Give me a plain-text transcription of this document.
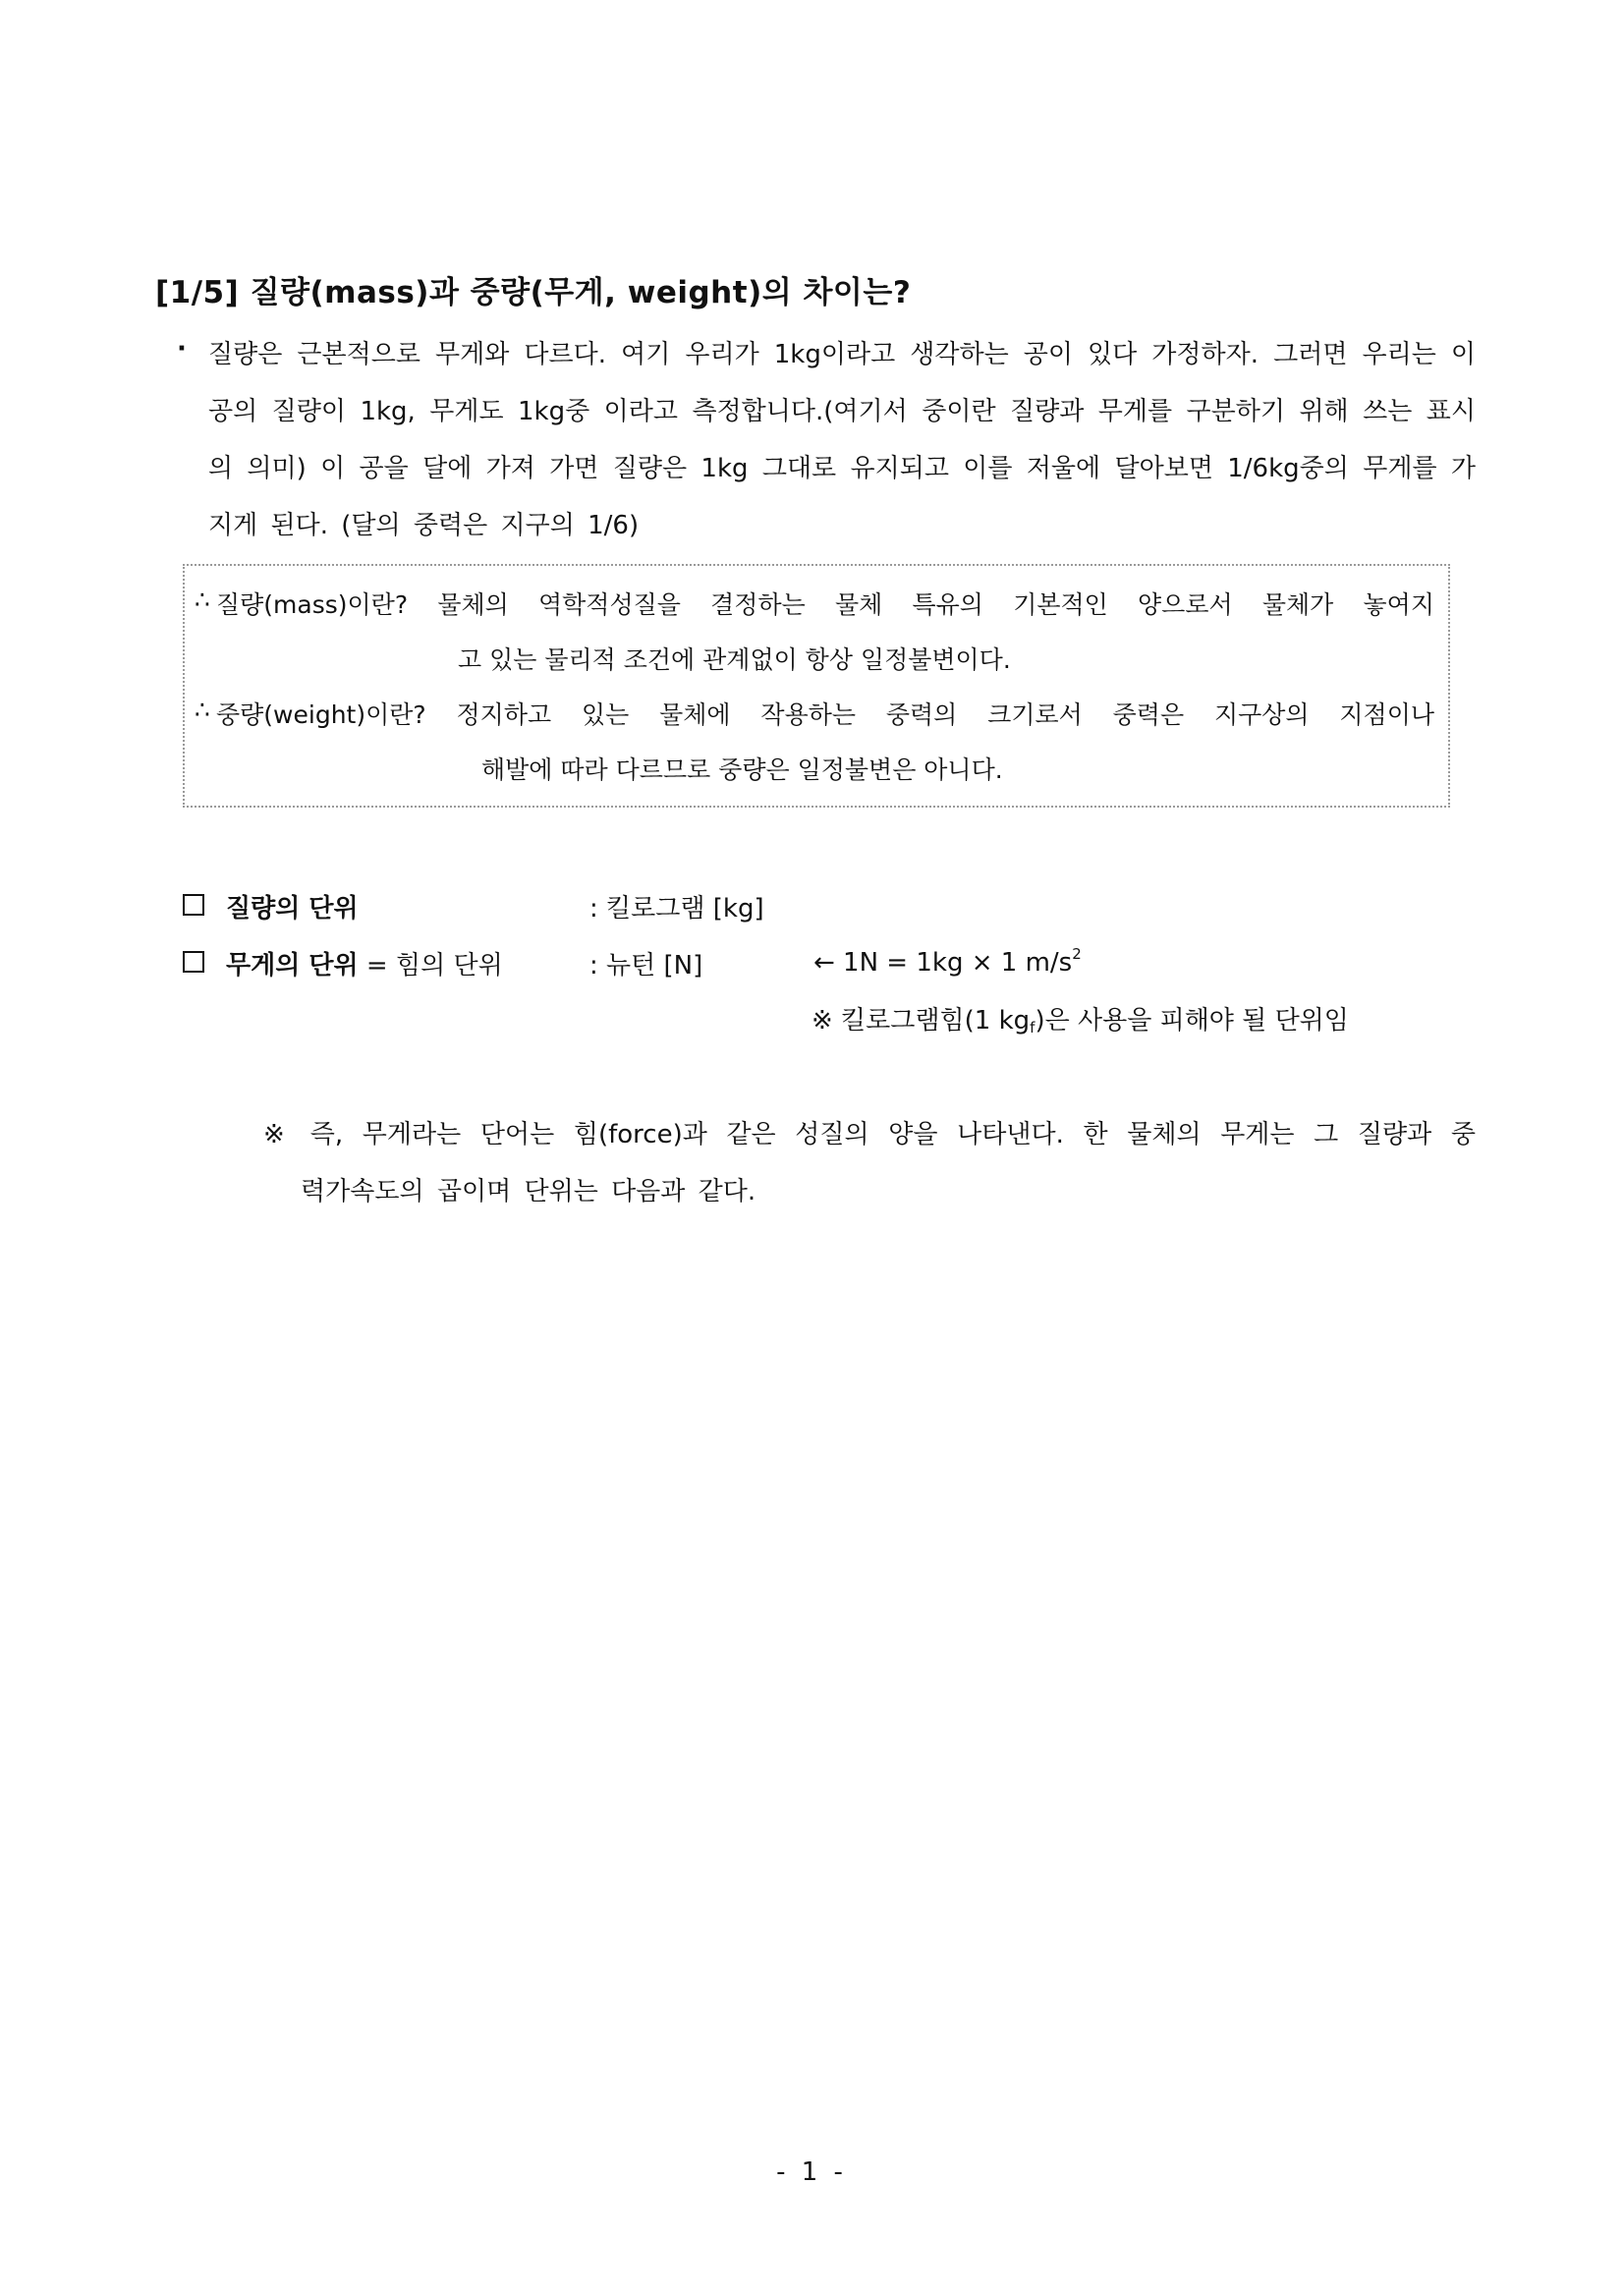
[1/5] 질량(mass)과 중량(무게, weight)의 차이는?
· 질량은 근본적으로 무게와 다르다. 여기 우리가 1kg이라고 생각하는 공이 있다 가정하자. 그러면 우리는 이 공의 질량이 1kg, 무게도 1kg중 이라고 측정합니다.(여기서 중이란 질량과 무게를 구분하기 위해 쓰는 표시의 의미) 이 공을 달에 가져 가면 질량은 1kg 그대로 유지되고 이를 저울에 달아보면 1/6kg중의 무게를 가지게 된다. (달의 중력은 지구의 1/6)
∴ 질량(mass)이란? 물체의 역학적성질을 결정하는 물체 특유의 기본적인 양으로서 물체가 놓여지
고 있는 물리적 조건에 관계없이 항상 일정불변이다.
∴ 중량(weight)이란? 정지하고 있는 물체에 작용하는 중력의 크기로서 중력은 지구상의 지점이나
해발에 따라 다르므로 중량은 일정불변은 아니다.
질량의 단위	: 킬로그램 [kg]
무게의 단위 = 힘의 단위	: 뉴턴 [N]	← 1N = 1kg × 1 $m/s^2$
※ 킬로그램힘(1 $kg_f$)은 사용을 피해야 될 단위임
※ 즉, 무게라는 단어는 힘(force)과 같은 성질의 양을 나타낸다. 한 물체의 무게는 그 질량과 중
력가속도의 곱이며 단위는 다음과 같다.
- 1 -
